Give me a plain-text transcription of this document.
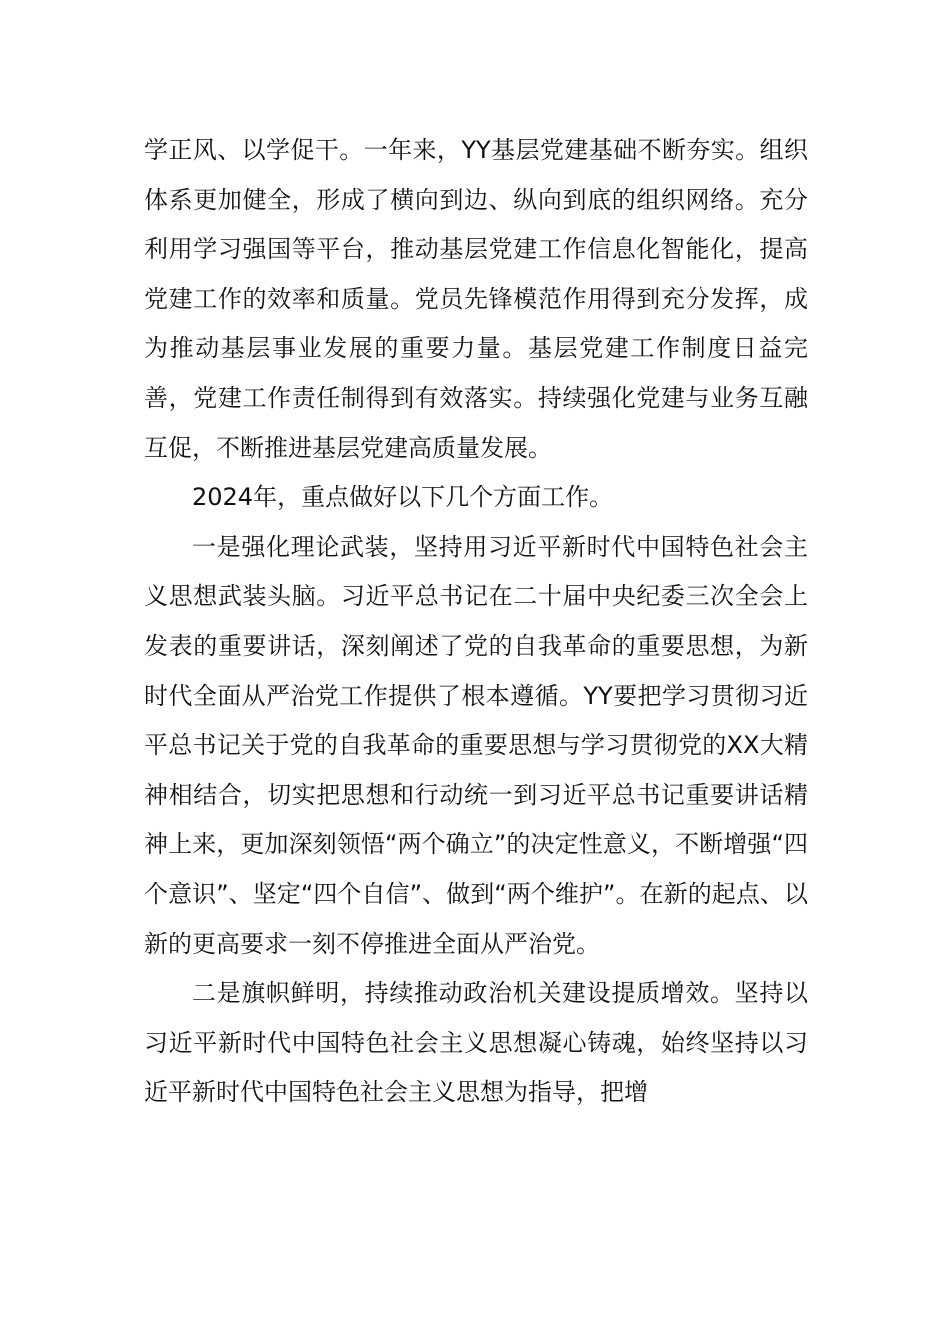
学正风、以学促干。一年来，YY基层党建基础不断夯实。组织体系更加健全，形成了横向到边、纵向到底的组织网络。充分利用学习强国等平台，推动基层党建工作信息化智能化，提高党建工作的效率和质量。党员先锋模范作用得到充分发挥，成为推动基层事业发展的重要力量。基层党建工作制度日益完善，党建工作责任制得到有效落实。持续强化党建与业务互融互促，不断推进基层党建高质量发展。

2024年，重点做好以下几个方面工作。

一是强化理论武装，坚持用习近平新时代中国特色社会主义思想武装头脑。习近平总书记在二十届中央纪委三次全会上发表的重要讲话，深刻阐述了党的自我革命的重要思想，为新时代全面从严治党工作提供了根本遵循。YY要把学习贯彻习近平总书记关于党的自我革命的重要思想与学习贯彻党的XX大精神相结合，切实把思想和行动统一到习近平总书记重要讲话精神上来，更加深刻领悟“两个确立”的决定性意义，不断增强“四个意识”、坚定“四个自信”、做到“两个维护”。在新的起点、以新的更高要求一刻不停推进全面从严治党。

二是旗帜鲜明，持续推动政治机关建设提质增效。坚持以习近平新时代中国特色社会主义思想凝心铸魂，始终坚持以习近平新时代中国特色社会主义思想为指导，把增
